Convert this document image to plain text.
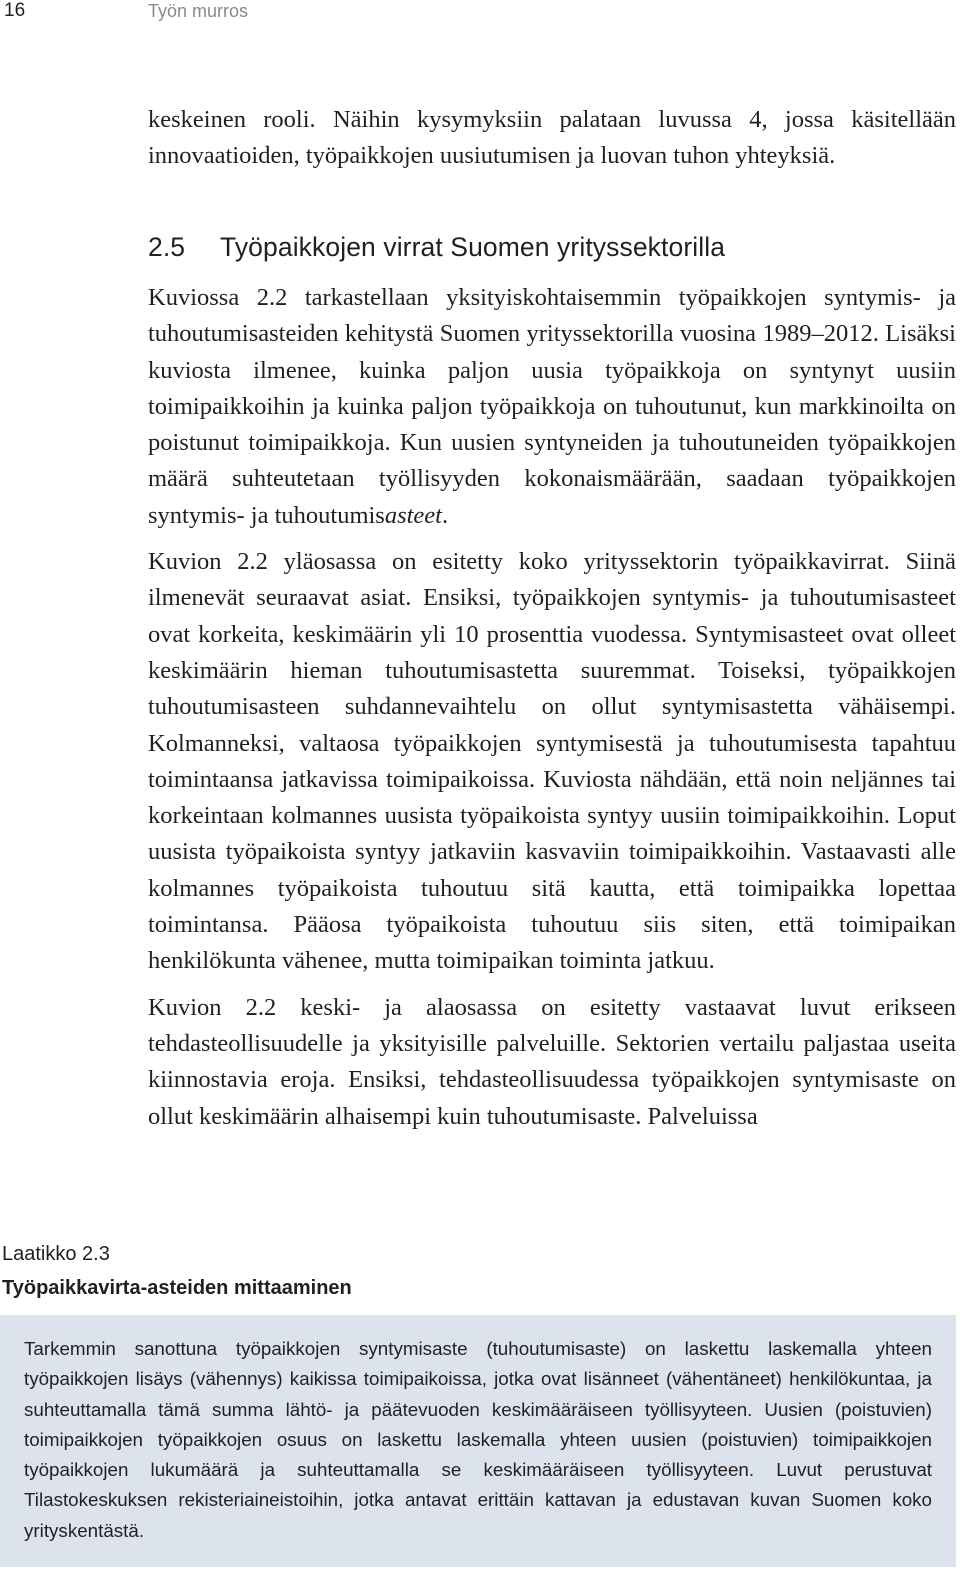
16	Työn murros

keskeinen rooli. Näihin kysymyksiin palataan luvussa 4, jossa käsitellään innovaatioiden, työpaikkojen uusiutumisen ja luovan tuhon yhteyksiä.

2.5 Työpaikkojen virrat Suomen yrityssektorilla

Kuviossa 2.2 tarkastellaan yksityiskohtaisemmin työpaikkojen syntymis- ja tuhoutumisasteiden kehitystä Suomen yrityssektorilla vuosina 1989–2012. Lisäksi kuviosta ilmenee, kuinka paljon uusia työpaikkoja on syntynyt uusiin toimipaikkoihin ja kuinka paljon työpaikkoja on tuhoutunut, kun markkinoilta on poistunut toimipaikkoja. Kun uusien syntyneiden ja tuhoutuneiden työpaikkojen määrä suhteutetaan työllisyyden kokonaismäärään, saadaan työpaikkojen syntymis- ja tuhoutumisasteet.

Kuvion 2.2 yläosassa on esitetty koko yrityssektorin työpaikkavirrat. Siinä ilmenevät seuraavat asiat. Ensiksi, työpaikkojen syntymis- ja tuhoutumisasteet ovat korkeita, keskimäärin yli 10 prosenttia vuodessa. Syntymisasteet ovat olleet keskimäärin hieman tuhoutumisastetta suuremmat. Toiseksi, työpaikkojen tuhoutumisasteen suhdannevaihtelu on ollut syntymisastetta vähäisempi. Kolmanneksi, valtaosa työpaikkojen syntymisestä ja tuhoutumisesta tapahtuu toimintaansa jatkavissa toimipaikoissa. Kuviosta nähdään, että noin neljännes tai korkeintaan kolmannes uusista työpaikoista syntyy uusiin toimipaikkoihin. Loput uusista työpaikoista syntyy jatkaviin kasvaviin toimipaikkoihin. Vastaavasti alle kolmannes työpaikoista tuhoutuu sitä kautta, että toimipaikka lopettaa toimintansa. Pääosa työpaikoista tuhoutuu siis siten, että toimipaikan henkilökunta vähenee, mutta toimipaikan toiminta jatkuu.

Kuvion 2.2 keski- ja alaosassa on esitetty vastaavat luvut erikseen tehdasteollisuudelle ja yksityisille palveluille. Sektorien vertailu paljastaa useita kiinnostavia eroja. Ensiksi, tehdasteollisuudessa työpaikkojen syntymisaste on ollut keskimäärin alhaisempi kuin tuhoutumisaste. Palveluissa

Laatikko 2.3
Työpaikkavirta-asteiden mittaaminen

Tarkemmin sanottuna työpaikkojen syntymisaste (tuhoutumisaste) on laskettu laskemalla yhteen työpaikkojen lisäys (vähennys) kaikissa toimipaikoissa, jotka ovat lisänneet (vähentäneet) henkilökuntaa, ja suhteuttamalla tämä summa lähtö- ja päätevuoden keskimääräiseen työllisyyteen. Uusien (poistuvien) toimipaikkojen työpaikkojen osuus on laskettu laskemalla yhteen uusien (poistuvien) toimipaikkojen työpaikkojen lukumäärä ja suhteuttamalla se keskimääräiseen työllisyyteen. Luvut perustuvat Tilastokeskuksen rekisteriaineistoihin, jotka antavat erittäin kattavan ja edustavan kuvan Suomen koko yrityskentästä.
